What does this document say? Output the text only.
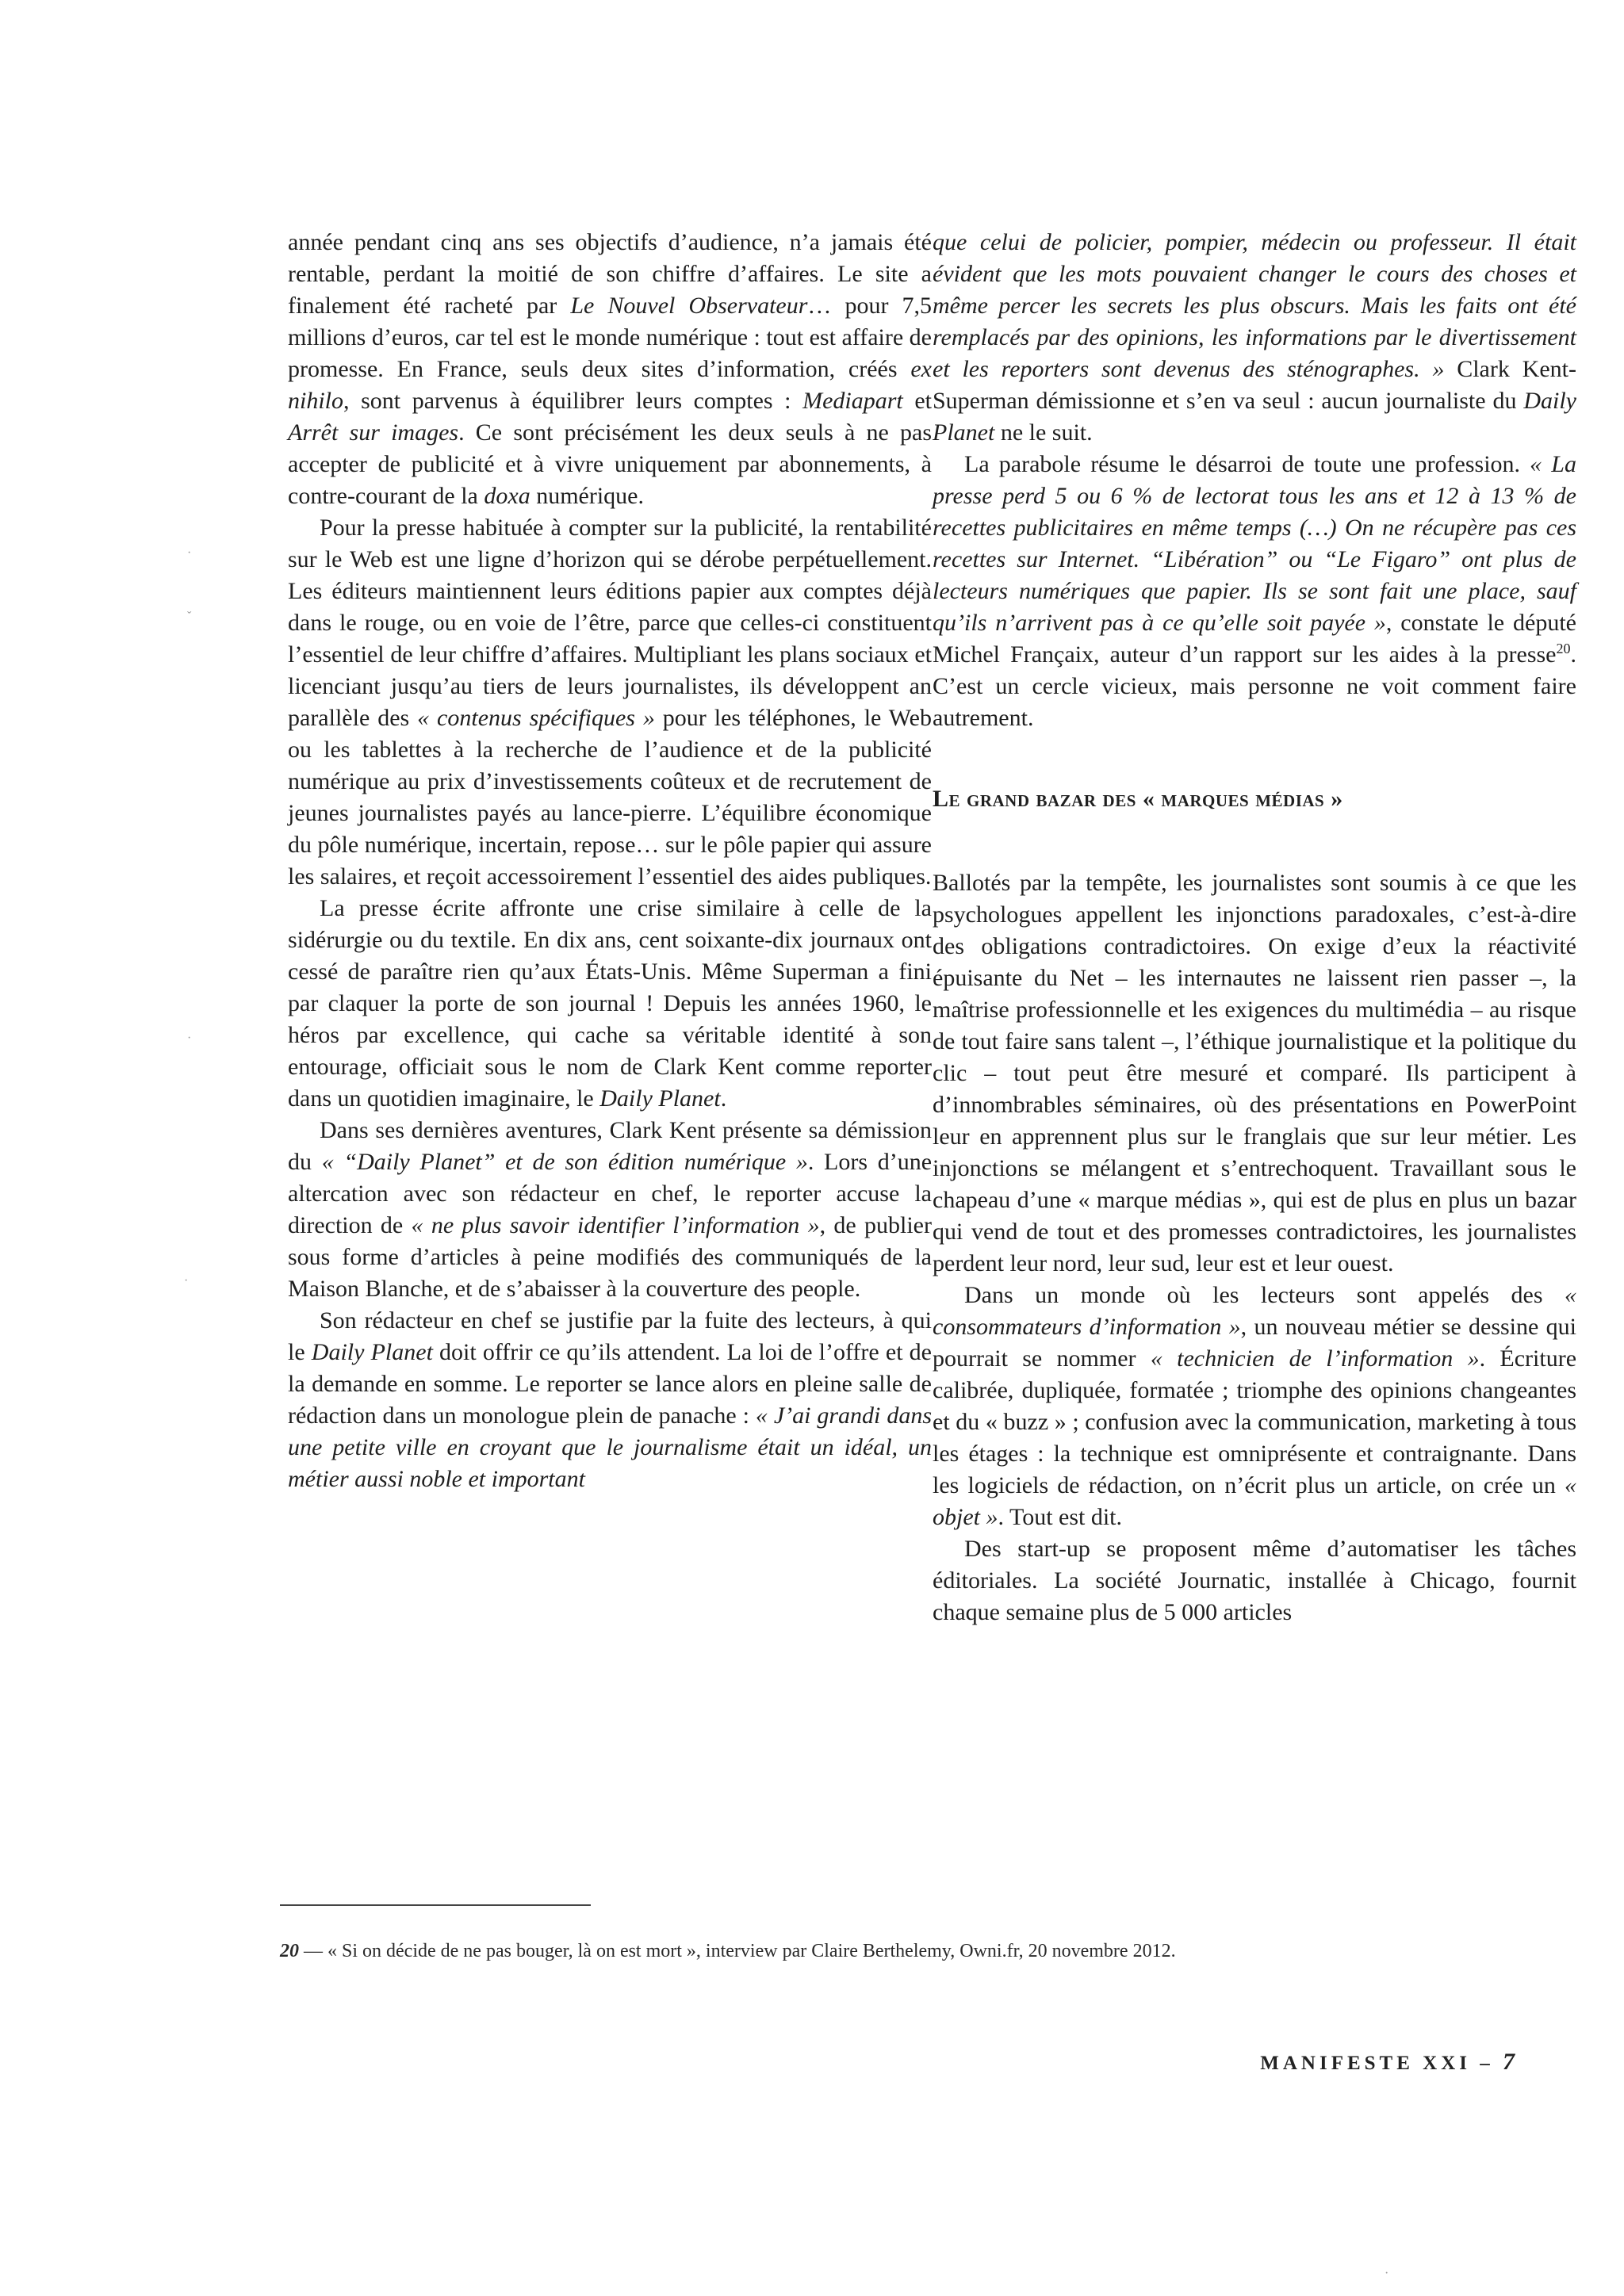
année pendant cinq ans ses objectifs d’audience, n’a jamais été rentable, perdant la moitié de son chiffre d’affaires. Le site a finalement été racheté par Le Nouvel Observateur… pour 7,5 millions d’euros, car tel est le monde numérique : tout est affaire de promesse. En France, seuls deux sites d’information, créés ex nihilo, sont parvenus à équilibrer leurs comptes : Mediapart et Arrêt sur images. Ce sont précisément les deux seuls à ne pas accepter de publicité et à vivre uniquement par abonnements, à contre-courant de la doxa numérique.

Pour la presse habituée à compter sur la publicité, la rentabilité sur le Web est une ligne d’horizon qui se dérobe perpétuellement. Les éditeurs maintiennent leurs éditions papier aux comptes déjà dans le rouge, ou en voie de l’être, parce que celles-ci constituent l’essentiel de leur chiffre d’affaires. Multipliant les plans sociaux et licenciant jusqu’au tiers de leurs journalistes, ils développent an parallèle des « contenus spécifiques » pour les téléphones, le Web ou les tablettes à la recherche de l’audience et de la publicité numérique au prix d’investissements coûteux et de recrutement de jeunes journalistes payés au lance-pierre. L’équilibre économique du pôle numérique, incertain, repose… sur le pôle papier qui assure les salaires, et reçoit accessoirement l’essentiel des aides publiques.

La presse écrite affronte une crise similaire à celle de la sidérurgie ou du textile. En dix ans, cent soixante-dix journaux ont cessé de paraître rien qu’aux États-Unis. Même Superman a fini par claquer la porte de son journal ! Depuis les années 1960, le héros par excellence, qui cache sa véritable identité à son entourage, officiait sous le nom de Clark Kent comme reporter dans un quotidien imaginaire, le Daily Planet.

Dans ses dernières aventures, Clark Kent présente sa démission du « “Daily Planet” et de son édition numérique ». Lors d’une altercation avec son rédacteur en chef, le reporter accuse la direction de « ne plus savoir identifier l’information », de publier sous forme d’articles à peine modifiés des communiqués de la Maison Blanche, et de s’abaisser à la couverture des people.

Son rédacteur en chef se justifie par la fuite des lecteurs, à qui le Daily Planet doit offrir ce qu’ils attendent. La loi de l’offre et de la demande en somme. Le reporter se lance alors en pleine salle de rédaction dans un monologue plein de panache : « J’ai grandi dans une petite ville en croyant que le journalisme était un idéal, un métier aussi noble et important

que celui de policier, pompier, médecin ou professeur. Il était évident que les mots pouvaient changer le cours des choses et même percer les secrets les plus obscurs. Mais les faits ont été remplacés par des opinions, les informations par le divertissement et les reporters sont devenus des sténographes. » Clark Kent-Superman démissionne et s’en va seul : aucun journaliste du Daily Planet ne le suit.

La parabole résume le désarroi de toute une profession. « La presse perd 5 ou 6 % de lectorat tous les ans et 12 à 13 % de recettes publicitaires en même temps (…) On ne récupère pas ces recettes sur Internet. “Libération” ou “Le Figaro” ont plus de lecteurs numériques que papier. Ils se sont fait une place, sauf qu’ils n’arrivent pas à ce qu’elle soit payée », constate le député Michel Françaix, auteur d’un rapport sur les aides à la presse$^{20}$. C’est un cercle vicieux, mais personne ne voit comment faire autrement.

Le grand bazar des « marques médias »

Ballotés par la tempête, les journalistes sont soumis à ce que les psychologues appellent les injonctions paradoxales, c’est-à-dire des obligations contradictoires. On exige d’eux la réactivité épuisante du Net – les internautes ne laissent rien passer –, la maîtrise professionnelle et les exigences du multimédia – au risque de tout faire sans talent –, l’éthique journalistique et la politique du clic – tout peut être mesuré et comparé. Ils participent à d’innombrables séminaires, où des présentations en PowerPoint leur en apprennent plus sur le franglais que sur leur métier. Les injonctions se mélangent et s’entrechoquent. Travaillant sous le chapeau d’une « marque médias », qui est de plus en plus un bazar qui vend de tout et des promesses contradictoires, les journalistes perdent leur nord, leur sud, leur est et leur ouest.

Dans un monde où les lecteurs sont appelés des « consommateurs d’information », un nouveau métier se dessine qui pourrait se nommer « technicien de l’information ». Écriture calibrée, dupliquée, formatée ; triomphe des opinions changeantes et du « buzz » ; confusion avec la communication, marketing à tous les étages : la technique est omniprésente et contraignante. Dans les logiciels de rédaction, on n’écrit plus un article, on crée un « objet ». Tout est dit.

Des start-up se proposent même d’automatiser les tâches éditoriales. La société Journatic, installée à Chicago, fournit chaque semaine plus de 5 000 articles

20 — « Si on décide de ne pas bouger, là on est mort », interview par Claire Berthelemy, Owni.fr, 20 novembre 2012.
MANIFESTE XXI – 7
·
ˇ
·
·
·
